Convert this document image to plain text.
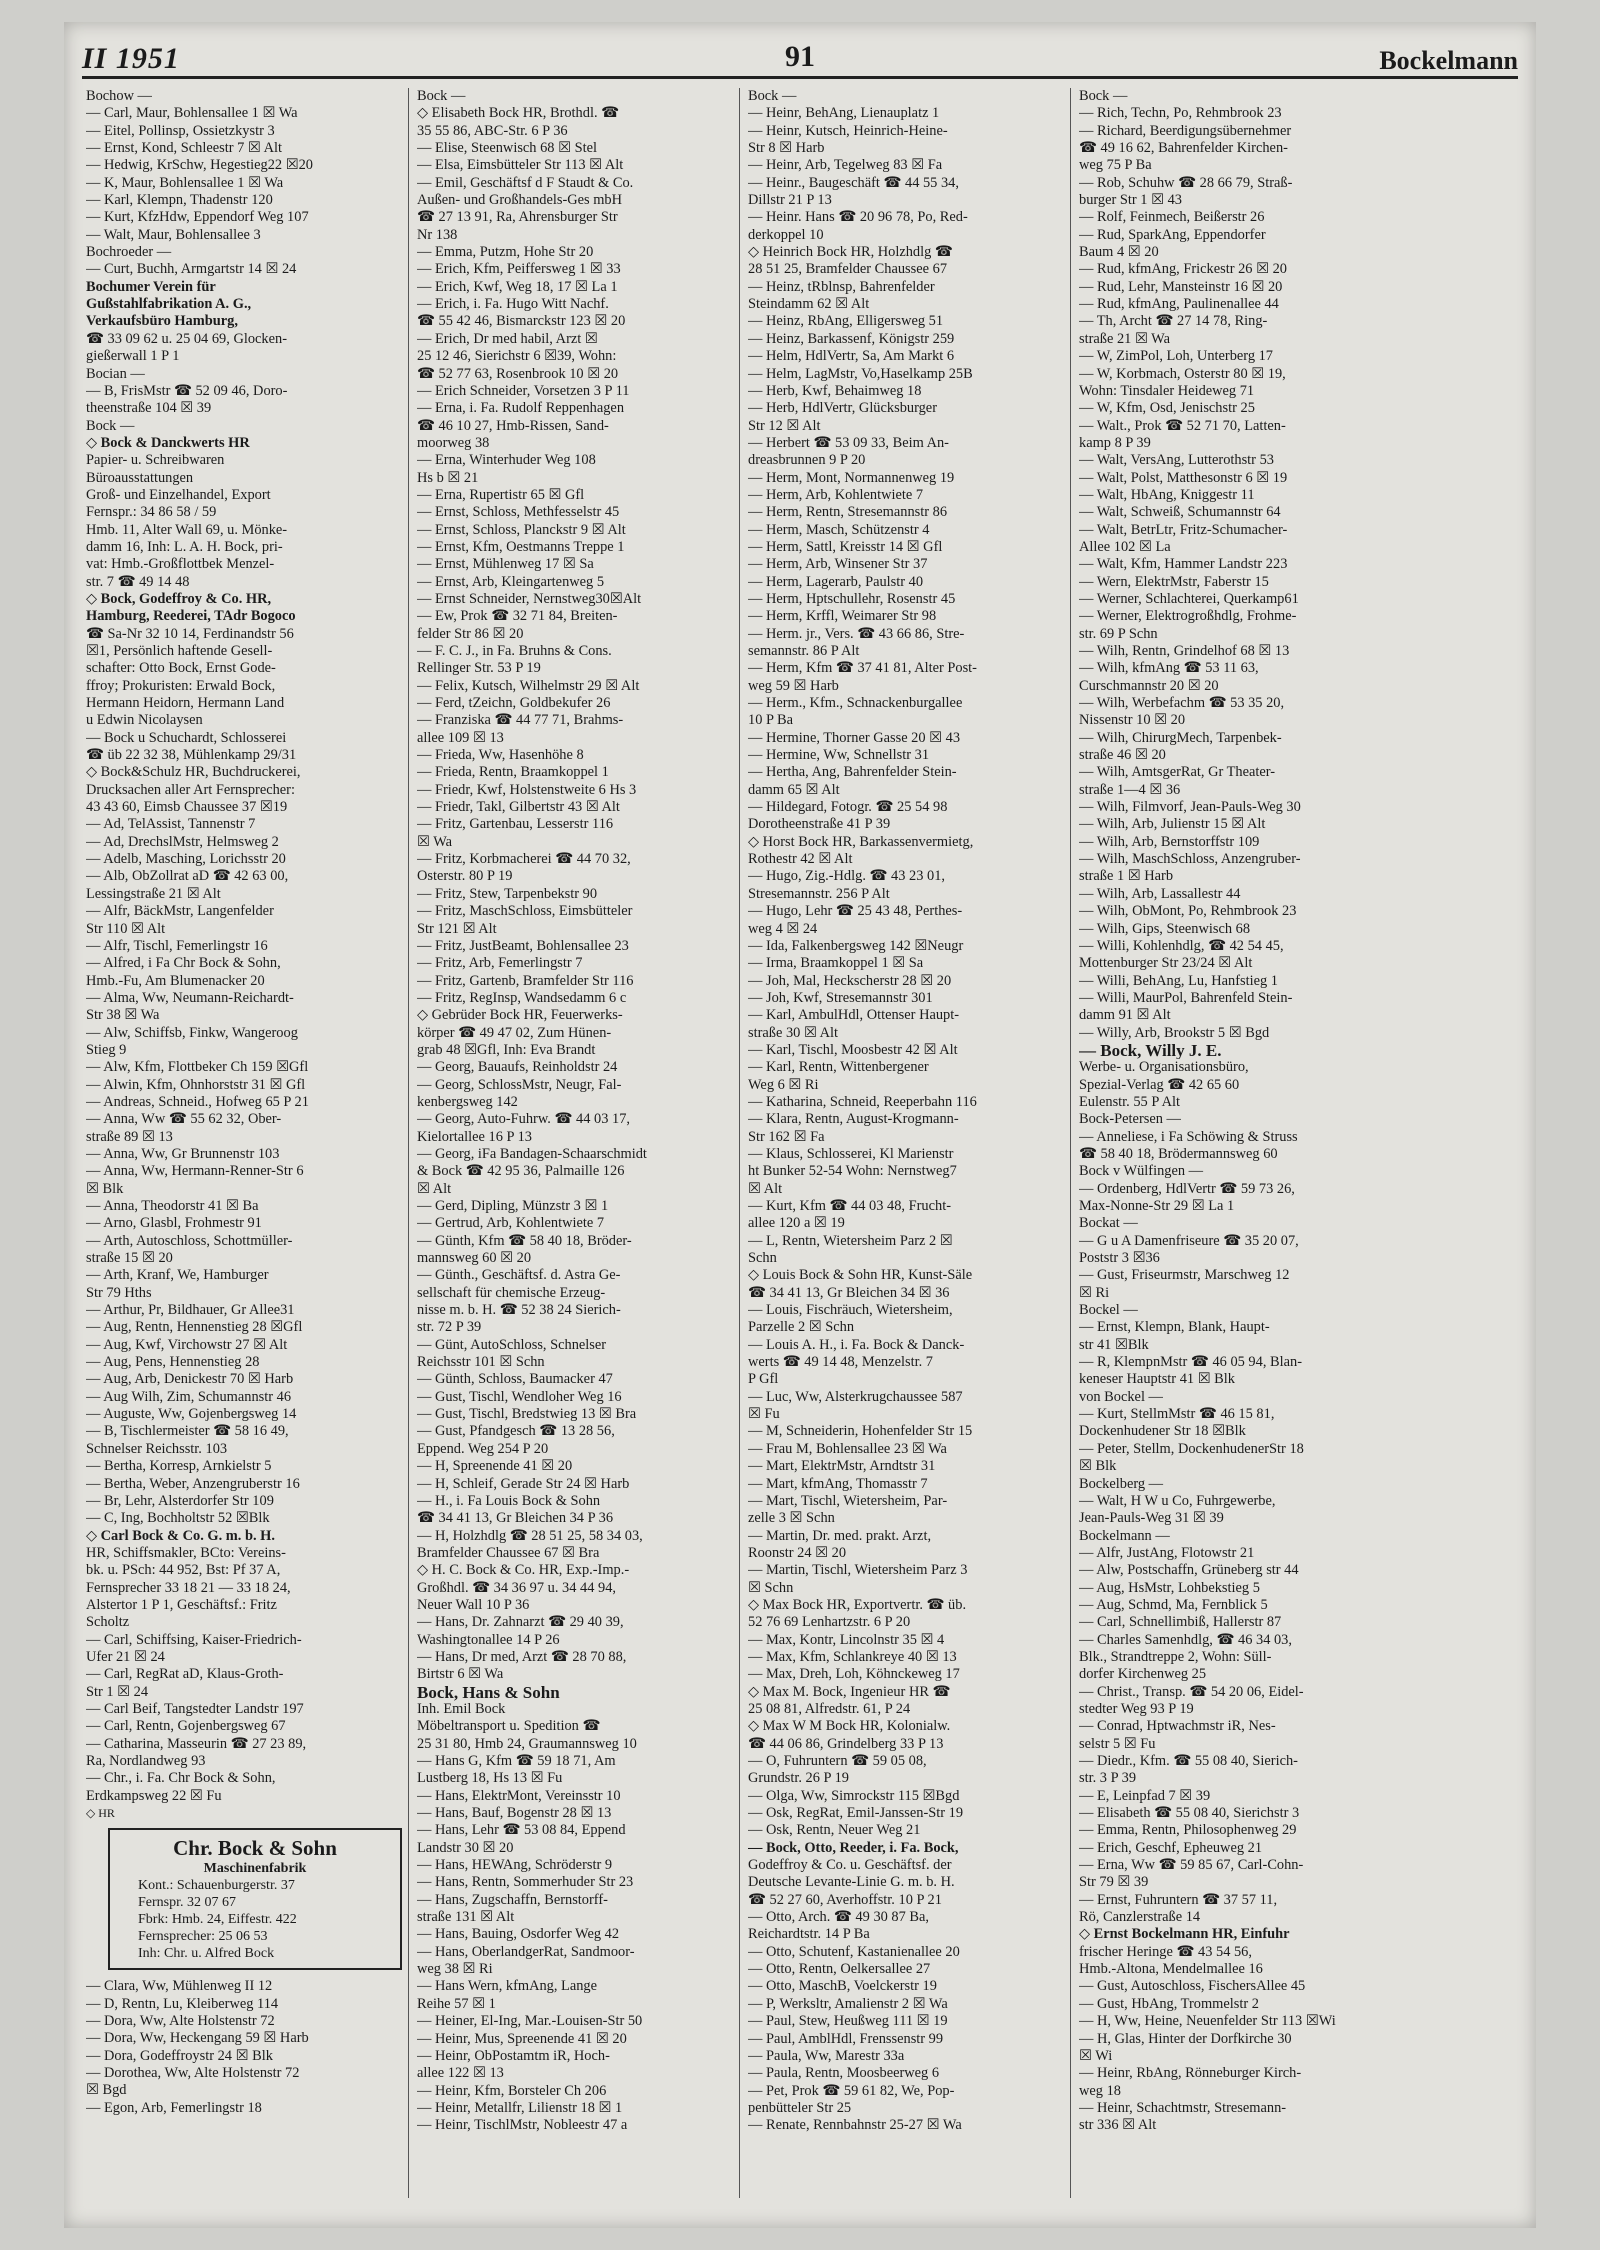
II 1951	91	Bockelmann
Bochow —
— Carl, Maur, Bohlensallee 1 ☒ Wa
— Eitel, Pollinsp, Ossietzkystr 3
— Ernst, Kond, Schleestr 7 ☒ Alt
— Hedwig, KrSchw, Hegestieg22 ☒20
— K, Maur, Bohlensallee 1 ☒ Wa
— Karl, Klempn, Thadenstr 120
— Kurt, KfzHdw, Eppendorf Weg 107
— Walt, Maur, Bohlensallee 3
Bochroeder —
— Curt, Buchh, Armgartstr 14 ☒ 24
Bochumer Verein für
Gußstahlfabrikation A. G.,
Verkaufsbüro Hamburg,
☎ 33 09 62 u. 25 04 69, Glocken-
gießerwall 1 P 1
Bocian —
— B, FrisMstr ☎ 52 09 46, Doro-
theenstraße 104 ☒ 39
Bock —
◇ Bock & Danckwerts HR
Papier- u. Schreibwaren
Büroausstattungen
Groß- und Einzelhandel, Export
Fernspr.: 34 86 58 / 59
Hmb. 11, Alter Wall 69, u. Mönke-
damm 16, Inh: L. A. H. Bock, pri-
vat: Hmb.-Großflottbek Menzel-
str. 7 ☎ 49 14 48
◇ Bock, Godeffroy & Co. HR,
Hamburg, Reederei, TAdr Bogoco
☎ Sa-Nr 32 10 14, Ferdinandstr 56
☒1, Persönlich haftende Gesell-
schafter: Otto Bock, Ernst Gode-
ffroy; Prokuristen: Erwald Bock,
Hermann Heidorn, Hermann Land
u Edwin Nicolaysen
— Bock u Schuchardt, Schlosserei
☎ üb 22 32 38, Mühlenkamp 29/31
◇ Bock&Schulz HR, Buchdruckerei,
Drucksachen aller Art Fernsprecher:
43 43 60, Eimsb Chaussee 37 ☒19
— Ad, TelAssist, Tannenstr 7
— Ad, DrechslMstr, Helmsweg 2
— Adelb, Masching, Lorichsstr 20
— Alb, ObZollrat aD ☎ 42 63 00,
Lessingstraße 21 ☒ Alt
— Alfr, BäckMstr, Langenfelder
Str 110 ☒ Alt
— Alfr, Tischl, Femerlingstr 16
— Alfred, i Fa Chr Bock & Sohn,
Hmb.-Fu, Am Blumenacker 20
— Alma, Ww, Neumann-Reichardt-
Str 38 ☒ Wa
— Alw, Schiffsb, Finkw, Wangeroog
Stieg 9
— Alw, Kfm, Flottbeker Ch 159 ☒Gfl
— Alwin, Kfm, Ohnhorststr 31 ☒ Gfl
— Andreas, Schneid., Hofweg 65 P 21
— Anna, Ww ☎ 55 62 32, Ober-
straße 89 ☒ 13
— Anna, Ww, Gr Brunnenstr 103
— Anna, Ww, Hermann-Renner-Str 6
☒ Blk
— Anna, Theodorstr 41 ☒ Ba
— Arno, Glasbl, Frohmestr 91
— Arth, Autoschloss, Schottmüller-
straße 15 ☒ 20
— Arth, Kranf, We, Hamburger
Str 79 Hths
— Arthur, Pr, Bildhauer, Gr Allee31
— Aug, Rentn, Hennenstieg 28 ☒Gfl
— Aug, Kwf, Virchowstr 27 ☒ Alt
— Aug, Pens, Hennenstieg 28
— Aug, Arb, Denickestr 70 ☒ Harb
— Aug Wilh, Zim, Schumannstr 46
— Auguste, Ww, Gojenbergsweg 14
— B, Tischlermeister ☎ 58 16 49,
Schnelser Reichsstr. 103
— Bertha, Korresp, Arnkielstr 5
— Bertha, Weber, Anzengruberstr 16
— Br, Lehr, Alsterdorfer Str 109
— C, Ing, Bochholtstr 52 ☒Blk
◇ Carl Bock & Co. G. m. b. H.
HR, Schiffsmakler, BCto: Vereins-
bk. u. PSch: 44 952, Bst: Pf 37 A,
Fernsprecher 33 18 21 — 33 18 24,
Alstertor 1 P 1, Geschäftsf.: Fritz
Scholtz
— Carl, Schiffsing, Kaiser-Friedrich-
Ufer 21 ☒ 24
— Carl, RegRat aD, Klaus-Groth-
Str 1 ☒ 24
— Carl Beif, Tangstedter Landstr 197
— Carl, Rentn, Gojenbergsweg 67
— Catharina, Masseurin ☎ 27 23 89,
Ra, Nordlandweg 93
— Chr., i. Fa. Chr Bock & Sohn,
Erdkampsweg 22 ☒ Fu
◇ HR
Chr. Bock & Sohn
Maschinenfabrik
Kont.: Schauenburgerstr. 37
Fernspr. 32 07 67
Fbrk: Hmb. 24, Eiffestr. 422
Fernsprecher: 25 06 53
Inh: Chr. u. Alfred Bock
— Clara, Ww, Mühlenweg II 12
— D, Rentn, Lu, Kleiberweg 114
— Dora, Ww, Alte Holstenstr 72
— Dora, Ww, Heckengang 59 ☒ Harb
— Dora, Godeffroystr 24 ☒ Blk
— Dorothea, Ww, Alte Holstenstr 72
☒ Bgd
— Egon, Arb, Femerlingstr 18
Bock —
◇ Elisabeth Bock HR, Brothdl. ☎
35 55 86, ABC-Str. 6 P 36
— Elise, Steenwisch 68 ☒ Stel
— Elsa, Eimsbütteler Str 113 ☒ Alt
— Emil, Geschäftsf d F Staudt & Co.
Außen- und Großhandels-Ges mbH
☎ 27 13 91, Ra, Ahrensburger Str
Nr 138
— Emma, Putzm, Hohe Str 20
— Erich, Kfm, Peiffersweg 1 ☒ 33
— Erich, Kwf, Weg 18, 17 ☒ La 1
— Erich, i. Fa. Hugo Witt Nachf.
☎ 55 42 46, Bismarckstr 123 ☒ 20
— Erich, Dr med habil, Arzt ☒
25 12 46, Sierichstr 6 ☒39, Wohn:
☎ 52 77 63, Rosenbrook 10 ☒ 20
— Erich Schneider, Vorsetzen 3 P 11
— Erna, i. Fa. Rudolf Reppenhagen
☎ 46 10 27, Hmb-Rissen, Sand-
moorweg 38
— Erna, Winterhuder Weg 108
Hs b ☒ 21
— Erna, Rupertistr 65 ☒ Gfl
— Ernst, Schloss, Methfesselstr 45
— Ernst, Schloss, Planckstr 9 ☒ Alt
— Ernst, Kfm, Oestmanns Treppe 1
— Ernst, Mühlenweg 17 ☒ Sa
— Ernst, Arb, Kleingartenweg 5
— Ernst Schneider, Nernstweg30☒Alt
— Ew, Prok ☎ 32 71 84, Breiten-
felder Str 86 ☒ 20
— F. C. J., in Fa. Bruhns & Cons.
Rellinger Str. 53 P 19
— Felix, Kutsch, Wilhelmstr 29 ☒ Alt
— Ferd, tZeichn, Goldbekufer 26
— Franziska ☎ 44 77 71, Brahms-
allee 109 ☒ 13
— Frieda, Ww, Hasenhöhe 8
— Frieda, Rentn, Braamkoppel 1
— Friedr, Kwf, Holstenstweite 6 Hs 3
— Friedr, Takl, Gilbertstr 43 ☒ Alt
— Fritz, Gartenbau, Lesserstr 116
☒ Wa
— Fritz, Korbmacherei ☎ 44 70 32,
Osterstr. 80 P 19
— Fritz, Stew, Tarpenbekstr 90
— Fritz, MaschSchloss, Eimsbütteler
Str 121 ☒ Alt
— Fritz, JustBeamt, Bohlensallee 23
— Fritz, Arb, Femerlingstr 7
— Fritz, Gartenb, Bramfelder Str 116
— Fritz, RegInsp, Wandsedamm 6 c
◇ Gebrüder Bock HR, Feuerwerks-
körper ☎ 49 47 02, Zum Hünen-
grab 48 ☒Gfl, Inh: Eva Brandt
— Georg, Bauaufs, Reinholdstr 24
— Georg, SchlossMstr, Neugr, Fal-
kenbergsweg 142
— Georg, Auto-Fuhrw. ☎ 44 03 17,
Kielortallee 16 P 13
— Georg, iFa Bandagen-Schaarschmidt
& Bock ☎ 42 95 36, Palmaille 126
☒ Alt
— Gerd, Dipling, Münzstr 3 ☒ 1
— Gertrud, Arb, Kohlentwiete 7
— Günth, Kfm ☎ 58 40 18, Bröder-
mannsweg 60 ☒ 20
— Günth., Geschäftsf. d. Astra Ge-
sellschaft für chemische Erzeug-
nisse m. b. H. ☎ 52 38 24 Sierich-
str. 72 P 39
— Günt, AutoSchloss, Schnelser
Reichsstr 101 ☒ Schn
— Günth, Schloss, Baumacker 47
— Gust, Tischl, Wendloher Weg 16
— Gust, Tischl, Bredstwieg 13 ☒ Bra
— Gust, Pfandgesch ☎ 13 28 56,
Eppend. Weg 254 P 20
— H, Spreenende 41 ☒ 20
— H, Schleif, Gerade Str 24 ☒ Harb
— H., i. Fa Louis Bock & Sohn
☎ 34 41 13, Gr Bleichen 34 P 36
— H, Holzhdlg ☎ 28 51 25, 58 34 03,
Bramfelder Chaussee 67 ☒ Bra
◇ H. C. Bock & Co. HR, Exp.-Imp.-
Großhdl. ☎ 34 36 97 u. 34 44 94,
Neuer Wall 10 P 36
— Hans, Dr. Zahnarzt ☎ 29 40 39,
Washingtonallee 14 P 26
— Hans, Dr med, Arzt ☎ 28 70 88,
Birtstr 6 ☒ Wa
Bock, Hans & Sohn
Inh. Emil Bock
Möbeltransport u. Spedition ☎
25 31 80, Hmb 24, Graumannsweg 10
— Hans G, Kfm ☎ 59 18 71, Am
Lustberg 18, Hs 13 ☒ Fu
— Hans, ElektrMont, Vereinsstr 10
— Hans, Bauf, Bogenstr 28 ☒ 13
— Hans, Lehr ☎ 53 08 84, Eppend
Landstr 30 ☒ 20
— Hans, HEWAng, Schröderstr 9
— Hans, Rentn, Sommerhuder Str 23
— Hans, Zugschaffn, Bernstorff-
straße 131 ☒ Alt
— Hans, Bauing, Osdorfer Weg 42
— Hans, OberlandgerRat, Sandmoor-
weg 38 ☒ Ri
— Hans Wern, kfmAng, Lange
Reihe 57 ☒ 1
— Heiner, El-Ing, Mar.-Louisen-Str 50
— Heinr, Mus, Spreenende 41 ☒ 20
— Heinr, ObPostamtm iR, Hoch-
allee 122 ☒ 13
— Heinr, Kfm, Borsteler Ch 206
— Heinr, Metallfr, Lilienstr 18 ☒ 1
— Heinr, TischlMstr, Nobleestr 47 a
Bock —
— Heinr, BehAng, Lienauplatz 1
— Heinr, Kutsch, Heinrich-Heine-
Str 8 ☒ Harb
— Heinr, Arb, Tegelweg 83 ☒ Fa
— Heinr., Baugeschäft ☎ 44 55 34,
Dillstr 21 P 13
— Heinr. Hans ☎ 20 96 78, Po, Red-
derkoppel 10
◇ Heinrich Bock HR, Holzhdlg ☎
28 51 25, Bramfelder Chaussee 67
— Heinz, tRblnsp, Bahrenfelder
Steindamm 62 ☒ Alt
— Heinz, RbAng, Elligersweg 51
— Heinz, Barkassenf, Königstr 259
— Helm, HdlVertr, Sa, Am Markt 6
— Helm, LagMstr, Vo,Haselkamp 25B
— Herb, Kwf, Behaimweg 18
— Herb, HdlVertr, Glücksburger
Str 12 ☒ Alt
— Herbert ☎ 53 09 33, Beim An-
dreasbrunnen 9 P 20
— Herm, Mont, Normannenweg 19
— Herm, Arb, Kohlentwiete 7
— Herm, Rentn, Stresemannstr 86
— Herm, Masch, Schützenstr 4
— Herm, Sattl, Kreisstr 14 ☒ Gfl
— Herm, Arb, Winsener Str 37
— Herm, Lagerarb, Paulstr 40
— Herm, Hptschullehr, Rosenstr 45
— Herm, Krffl, Weimarer Str 98
— Herm. jr., Vers. ☎ 43 66 86, Stre-
semannstr. 86 P Alt
— Herm, Kfm ☎ 37 41 81, Alter Post-
weg 59 ☒ Harb
— Herm., Kfm., Schnackenburgallee
10 P Ba
— Hermine, Thorner Gasse 20 ☒ 43
— Hermine, Ww, Schnellstr 31
— Hertha, Ang, Bahrenfelder Stein-
damm 65 ☒ Alt
— Hildegard, Fotogr. ☎ 25 54 98
Dorotheenstraße 41 P 39
◇ Horst Bock HR, Barkassenvermietg,
Rothestr 42 ☒ Alt
— Hugo, Zig.-Hdlg. ☎ 43 23 01,
Stresemannstr. 256 P Alt
— Hugo, Lehr ☎ 25 43 48, Perthes-
weg 4 ☒ 24
— Ida, Falkenbergsweg 142 ☒Neugr
— Irma, Braamkoppel 1 ☒ Sa
— Joh, Mal, Heckscherstr 28 ☒ 20
— Joh, Kwf, Stresemannstr 301
— Karl, AmbulHdl, Ottenser Haupt-
straße 30 ☒ Alt
— Karl, Tischl, Moosbestr 42 ☒ Alt
— Karl, Rentn, Wittenbergener
Weg 6 ☒ Ri
— Katharina, Schneid, Reeperbahn 116
— Klara, Rentn, August-Krogmann-
Str 162 ☒ Fa
— Klaus, Schlosserei, Kl Marienstr
ht Bunker 52-54 Wohn: Nernstweg7
☒ Alt
— Kurt, Kfm ☎ 44 03 48, Frucht-
allee 120 a ☒ 19
— L, Rentn, Wietersheim Parz 2 ☒
Schn
◇ Louis Bock & Sohn HR, Kunst-Säle
☎ 34 41 13, Gr Bleichen 34 ☒ 36
— Louis, Fischräuch, Wietersheim,
Parzelle 2 ☒ Schn
— Louis A. H., i. Fa. Bock & Danck-
werts ☎ 49 14 48, Menzelstr. 7
P Gfl
— Luc, Ww, Alsterkrugchaussee 587
☒ Fu
— M, Schneiderin, Hohenfelder Str 15
— Frau M, Bohlensallee 23 ☒ Wa
— Mart, ElektrMstr, Arndtstr 31
— Mart, kfmAng, Thomasstr 7
— Mart, Tischl, Wietersheim, Par-
zelle 3 ☒ Schn
— Martin, Dr. med. prakt. Arzt,
Roonstr 24 ☒ 20
— Martin, Tischl, Wietersheim Parz 3
☒ Schn
◇ Max Bock HR, Exportvertr. ☎ üb.
52 76 69 Lenhartzstr. 6 P 20
— Max, Kontr, Lincolnstr 35 ☒ 4
— Max, Kfm, Schlankreye 40 ☒ 13
— Max, Dreh, Loh, Köhnckeweg 17
◇ Max M. Bock, Ingenieur HR ☎
25 08 81, Alfredstr. 61, P 24
◇ Max W M Bock HR, Kolonialw.
☎ 44 06 86, Grindelberg 33 P 13
— O, Fuhruntern ☎ 59 05 08,
Grundstr. 26 P 19
— Olga, Ww, Simrockstr 115 ☒Bgd
— Osk, RegRat, Emil-Janssen-Str 19
— Osk, Rentn, Neuer Weg 21
— Bock, Otto, Reeder, i. Fa. Bock,
Godeffroy & Co. u. Geschäftsf. der
Deutsche Levante-Linie G. m. b. H.
☎ 52 27 60, Averhoffstr. 10 P 21
— Otto, Arch. ☎ 49 30 87 Ba,
Reichardtstr. 14 P Ba
— Otto, Schutenf, Kastanienallee 20
— Otto, Rentn, Oelkersallee 27
— Otto, MaschB, Voelckerstr 19
— P, Werksltr, Amalienstr 2 ☒ Wa
— Paul, Stew, Heußweg 111 ☒ 19
— Paul, AmblHdl, Frenssenstr 99
— Paula, Ww, Marestr 33a
— Paula, Rentn, Moosbeerweg 6
— Pet, Prok ☎ 59 61 82, We, Pop-
penbütteler Str 25
— Renate, Rennbahnstr 25-27 ☒ Wa
Bock —
— Rich, Techn, Po, Rehmbrook 23
— Richard, Beerdigungsübernehmer
☎ 49 16 62, Bahrenfelder Kirchen-
weg 75 P Ba
— Rob, Schuhw ☎ 28 66 79, Straß-
burger Str 1 ☒ 43
— Rolf, Feinmech, Beißerstr 26
— Rud, SparkAng, Eppendorfer
Baum 4 ☒ 20
— Rud, kfmAng, Frickestr 26 ☒ 20
— Rud, Lehr, Mansteinstr 16 ☒ 20
— Rud, kfmAng, Paulinenallee 44
— Th, Archt ☎ 27 14 78, Ring-
straße 21 ☒ Wa
— W, ZimPol, Loh, Unterberg 17
— W, Korbmach, Osterstr 80 ☒ 19,
Wohn: Tinsdaler Heideweg 71
— W, Kfm, Osd, Jenischstr 25
— Walt., Prok ☎ 52 71 70, Latten-
kamp 8 P 39
— Walt, VersAng, Lutterothstr 53
— Walt, Polst, Matthesonstr 6 ☒ 19
— Walt, HbAng, Kniggestr 11
— Walt, Schweiß, Schumannstr 64
— Walt, BetrLtr, Fritz-Schumacher-
Allee 102 ☒ La
— Walt, Kfm, Hammer Landstr 223
— Wern, ElektrMstr, Faberstr 15
— Werner, Schlachterei, Querkamp61
— Werner, Elektrogroßhdlg, Frohme-
str. 69 P Schn
— Wilh, Rentn, Grindelhof 68 ☒ 13
— Wilh, kfmAng ☎ 53 11 63,
Curschmannstr 20 ☒ 20
— Wilh, Werbefachm ☎ 53 35 20,
Nissenstr 10 ☒ 20
— Wilh, ChirurgMech, Tarpenbek-
straße 46 ☒ 20
— Wilh, AmtsgerRat, Gr Theater-
straße 1—4 ☒ 36
— Wilh, Filmvorf, Jean-Pauls-Weg 30
— Wilh, Arb, Julienstr 15 ☒ Alt
— Wilh, Arb, Bernstorffstr 109
— Wilh, MaschSchloss, Anzengruber-
straße 1 ☒ Harb
— Wilh, Arb, Lassallestr 44
— Wilh, ObMont, Po, Rehmbrook 23
— Wilh, Gips, Steenwisch 68
— Willi, Kohlenhdlg, ☎ 42 54 45,
Mottenburger Str 23/24 ☒ Alt
— Willi, BehAng, Lu, Hanfstieg 1
— Willi, MaurPol, Bahrenfeld Stein-
damm 91 ☒ Alt
— Willy, Arb, Brookstr 5 ☒ Bgd
— Bock, Willy J. E.
Werbe- u. Organisationsbüro,
Spezial-Verlag ☎ 42 65 60
Eulenstr. 55 P Alt
Bock-Petersen —
— Anneliese, i Fa Schöwing & Struss
☎ 58 40 18, Brödermannsweg 60
Bock v Wülfingen —
— Ordenberg, HdlVertr ☎ 59 73 26,
Max-Nonne-Str 29 ☒ La 1
Bockat —
— G u A Damenfriseure ☎ 35 20 07,
Poststr 3 ☒36
— Gust, Friseurmstr, Marschweg 12
☒ Ri
Bockel —
— Ernst, Klempn, Blank, Haupt-
str 41 ☒Blk
— R, KlempnMstr ☎ 46 05 94, Blan-
keneser Hauptstr 41 ☒ Blk
von Bockel —
— Kurt, StellmMstr ☎ 46 15 81,
Dockenhudener Str 18 ☒Blk
— Peter, Stellm, DockenhudenerStr 18
☒ Blk
Bockelberg —
— Walt, H W u Co, Fuhrgewerbe,
Jean-Pauls-Weg 31 ☒ 39
Bockelmann —
— Alfr, JustAng, Flotowstr 21
— Alw, Postschaffn, Grüneberg str 44
— Aug, HsMstr, Lohbekstieg 5
— Aug, Schmd, Ma, Fernblick 5
— Carl, Schnellimbiß, Hallerstr 87
— Charles Samenhdlg, ☎ 46 34 03,
Blk., Strandtreppe 2, Wohn: Süll-
dorfer Kirchenweg 25
— Christ., Transp. ☎ 54 20 06, Eidel-
stedter Weg 93 P 19
— Conrad, Hptwachmstr iR, Nes-
selstr 5 ☒ Fu
— Diedr., Kfm. ☎ 55 08 40, Sierich-
str. 3 P 39
— E, Leinpfad 7 ☒ 39
— Elisabeth ☎ 55 08 40, Sierichstr 3
— Emma, Rentn, Philosophenweg 29
— Erich, Geschf, Epheuweg 21
— Erna, Ww ☎ 59 85 67, Carl-Cohn-
Str 79 ☒ 39
— Ernst, Fuhruntern ☎ 37 57 11,
Rö, Canzlerstraße 14
◇ Ernst Bockelmann HR, Einfuhr
frischer Heringe ☎ 43 54 56,
Hmb.-Altona, Mendelmallee 16
— Gust, Autoschloss, FischersAllee 45
— Gust, HbAng, Trommelstr 2
— H, Ww, Heine, Neuenfelder Str 113 ☒Wi
— H, Glas, Hinter der Dorfkirche 30
☒ Wi
— Heinr, RbAng, Rönneburger Kirch-
weg 18
— Heinr, Schachtmstr, Stresemann-
str 336 ☒ Alt
